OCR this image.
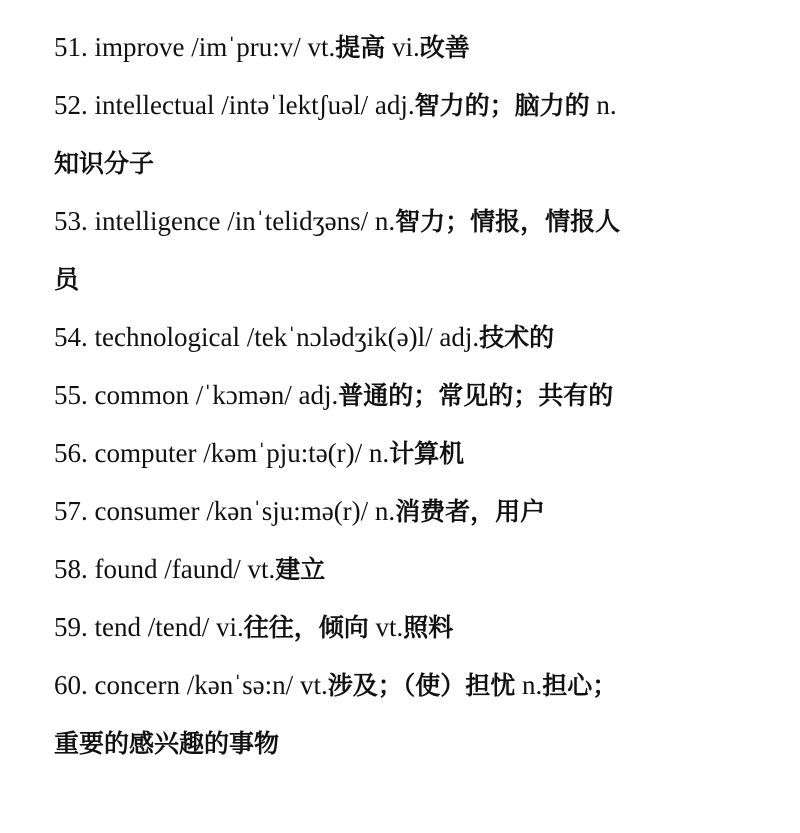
51. improve /imˈpru:v/ vt.提高 vi.改善
52. intellectual /intəˈlektʃuəl/ adj.智力的；脑力的 n.
知识分子
53. intelligence /inˈtelidʒəns/ n.智力；情报，情报人
员
54. technological /tekˈnɔlədʒik(ə)l/ adj.技术的
55. common /ˈkɔmən/ adj.普通的；常见的；共有的
56. computer /kəmˈpju:tə(r)/ n.计算机
57. consumer /kənˈsju:mə(r)/ n.消费者，用户
58. found /faund/ vt.建立
59. tend /tend/ vi.往往，倾向 vt.照料
60. concern /kənˈsə:n/ vt.涉及；（使）担忧 n.担心；
重要的感兴趣的事物
